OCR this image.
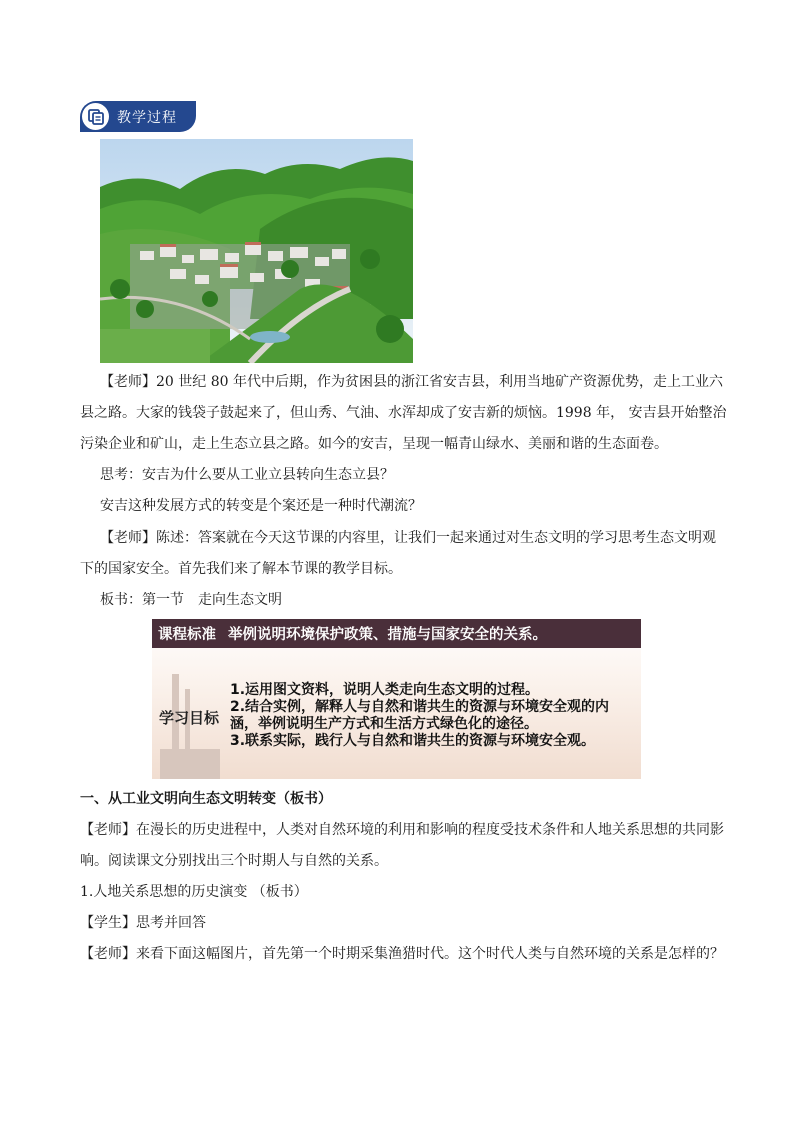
教学过程
【老师】20 世纪 80 年代中后期，作为贫困县的浙江省安吉县，利用当地矿产资源优势，走上工业六
县之路。大家的钱袋子鼓起来了，但山秀、气油、水浑却成了安吉新的烦恼。1998 年， 安吉县开始整治
污染企业和矿山，走上生态立县之路。如今的安吉，呈现一幅青山绿水、美丽和谐的生态面卷。
思考：安吉为什么要从工业立县转向生态立县？
安吉这种发展方式的转变是个案还是一种时代潮流？
【老师】陈述：答案就在今天这节课的内容里，让我们一起来通过对生态文明的学习思考生态文明观
下的国家安全。首先我们来了解本节课的教学目标。
板书：第一节　走向生态文明
课程标准 举例说明环境保护政策、措施与国家安全的关系。
学习目标
1.运用图文资料，说明人类走向生态文明的过程。
2.结合实例，解释人与自然和谐共生的资源与环境安全观的内
涵，举例说明生产方式和生活方式绿色化的途径。
3.联系实际，践行人与自然和谐共生的资源与环境安全观。
一、从工业文明向生态文明转变（板书）
【老师】在漫长的历史进程中，人类对自然环境的利用和影响的程度受技术条件和人地关系思想的共同影
响。阅读课文分别找出三个时期人与自然的关系。
1.人地关系思想的历史演变 （板书）
【学生】思考并回答
【老师】来看下面这幅图片，首先第一个时期采集渔猎时代。这个时代人类与自然环境的关系是怎样的？
